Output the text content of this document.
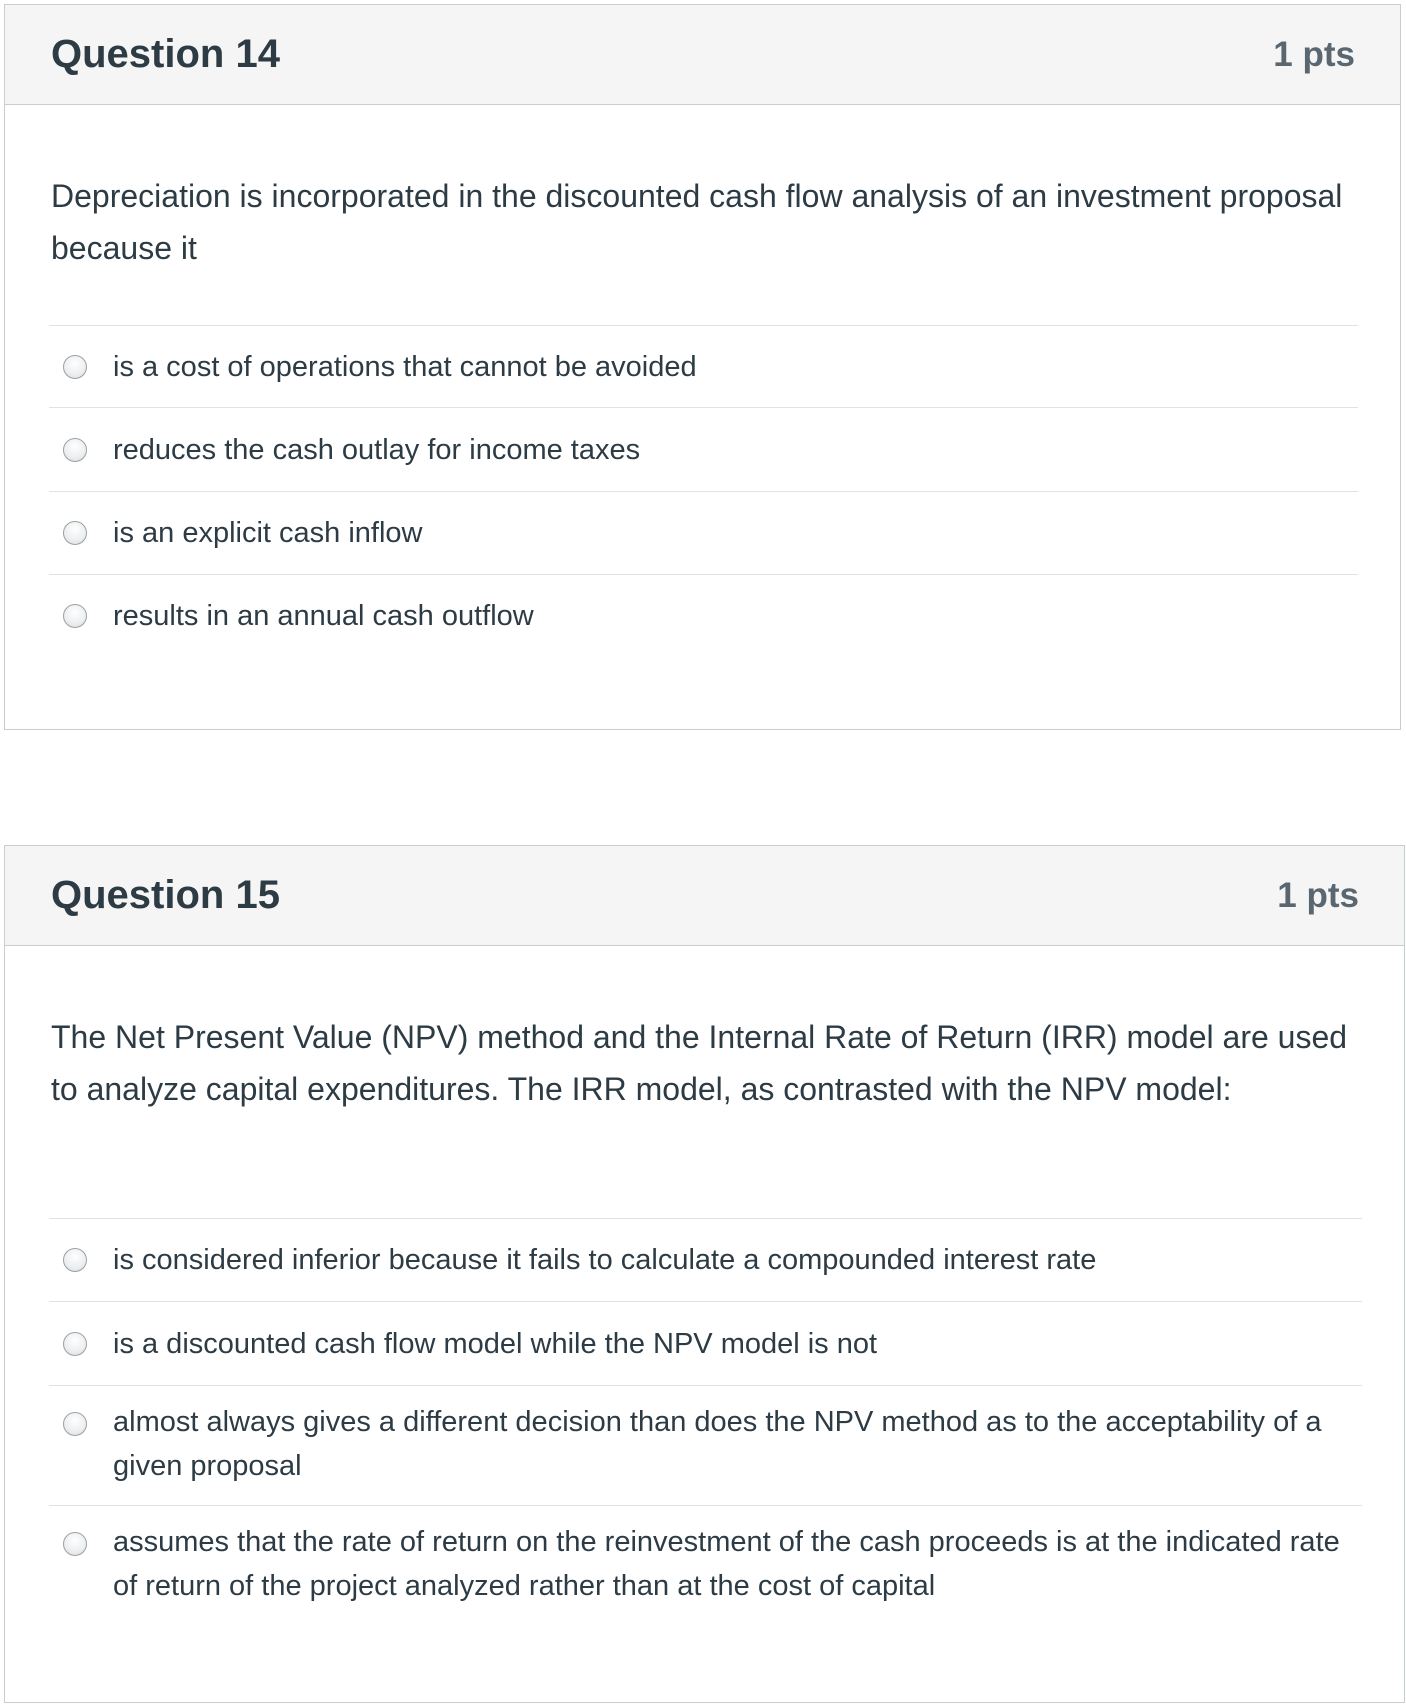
Question 14	1 pts
Depreciation is incorporated in the discounted cash flow analysis of an investment proposal because it
is a cost of operations that cannot be avoided
reduces the cash outlay for income taxes
is an explicit cash inflow
results in an annual cash outflow
Question 15	1 pts
The Net Present Value (NPV) method and the Internal Rate of Return (IRR) model are used to analyze capital expenditures. The IRR model, as contrasted with the NPV model:
is considered inferior because it fails to calculate a compounded interest rate
is a discounted cash flow model while the NPV model is not
almost always gives a different decision than does the NPV method as to the acceptability of a given proposal
assumes that the rate of return on the reinvestment of the cash proceeds is at the indicated rate of return of the project analyzed rather than at the cost of capital
